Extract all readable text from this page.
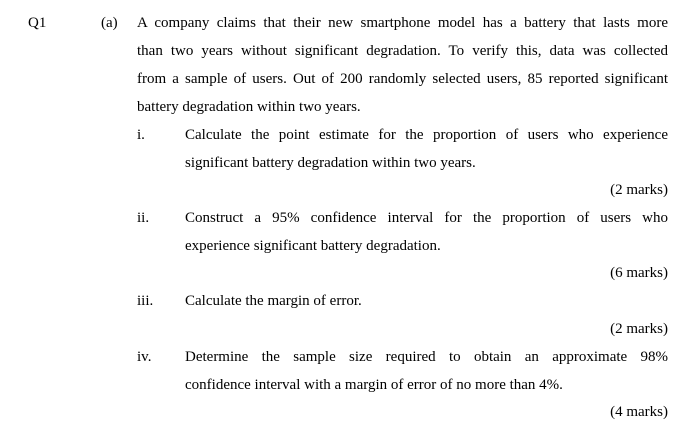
Q1	(a) A company claims that their new smartphone model has a battery that lasts more
than two years without significant degradation. To verify this, data was collected
from a sample of users. Out of 200 randomly selected users, 85 reported significant
battery degradation within two years.
i.	Calculate the point estimate for the proportion of users who experience
significant battery degradation within two years.
(2 marks)
ii. Construct a 95% confidence interval for the proportion of users who
experience significant battery degradation.
(6 marks)
iii. Calculate the margin of error.
(2 marks)
iv. Determine the sample size required to obtain an approximate 98%
confidence interval with a margin of error of no more than 4%.
(4 marks)
